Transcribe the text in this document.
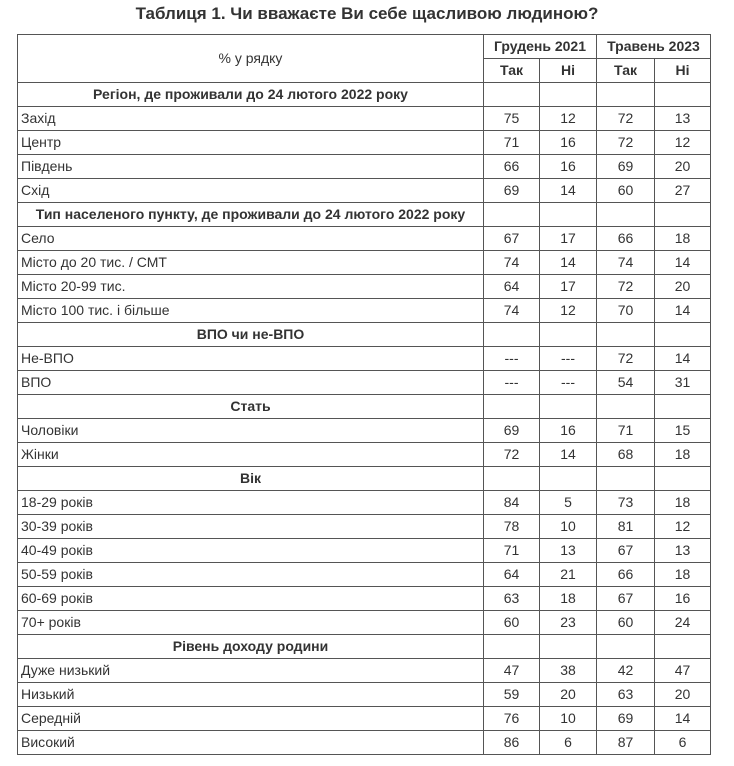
Таблиця 1. Чи вважаєте Ви себе щасливою людиною?
% у рядку	Грудень 2021		Травень 2023	
	Так	Ні	Так	Ні
Регіон, де проживали до 24 лютого 2022 року				
Захід	75	12	72	13
Центр	71	16	72	12
Південь	66	16	69	20
Схід	69	14	60	27
Тип населеного пункту, де проживали до 24 лютого 2022 року				
Село	67	17	66	18
Місто до 20 тис. / СМТ	74	14	74	14
Місто 20-99 тис.	64	17	72	20
Місто 100 тис. і більше	74	12	70	14
ВПО чи не-ВПО				
Не-ВПО	---	---	72	14
ВПО	---	---	54	31
Стать				
Чоловіки	69	16	71	15
Жінки	72	14	68	18
Вік				
18-29 років	84	5	73	18
30-39 років	78	10	81	12
40-49 років	71	13	67	13
50-59 років	64	21	66	18
60-69 років	63	18	67	16
70+ років	60	23	60	24
Рівень доходу родини				
Дуже низький	47	38	42	47
Низький	59	20	63	20
Середній	76	10	69	14
Високий	86	6	87	6
